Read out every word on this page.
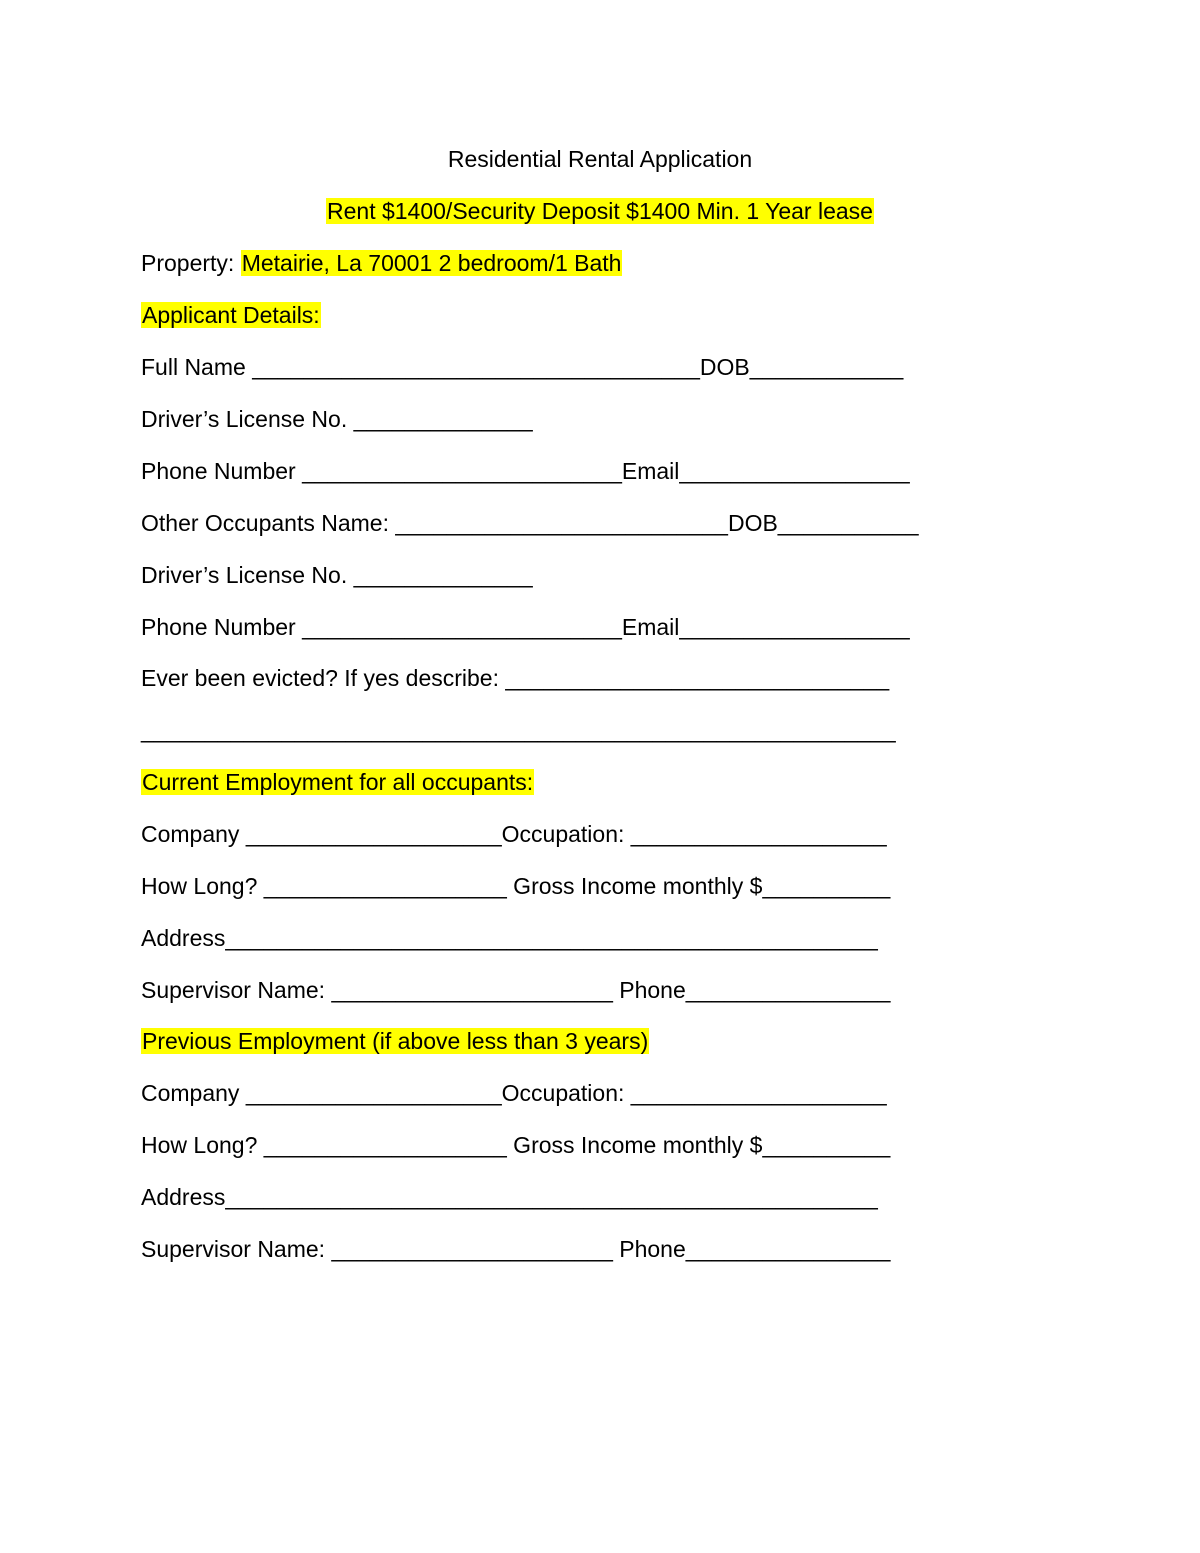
Residential Rental Application
Rent $1400/Security Deposit $1400 Min. 1 Year lease
Property: Metairie, La 70001 2 bedroom/1 Bath
Applicant Details:
Full Name ___________________________________DOB____________
Driver’s License No. ______________
Phone Number _________________________Email__________________
Other Occupants Name: __________________________DOB___________
Driver’s License No. ______________
Phone Number _________________________Email__________________
Ever been evicted? If yes describe: ______________________________
___________________________________________________________
Current Employment for all occupants:
Company ____________________Occupation: ____________________
How Long? ___________________ Gross Income monthly $__________
Address___________________________________________________
Supervisor Name: ______________________ Phone________________
Previous Employment (if above less than 3 years)
Company ____________________Occupation: ____________________
How Long? ___________________ Gross Income monthly $__________
Address___________________________________________________
Supervisor Name: ______________________ Phone________________
